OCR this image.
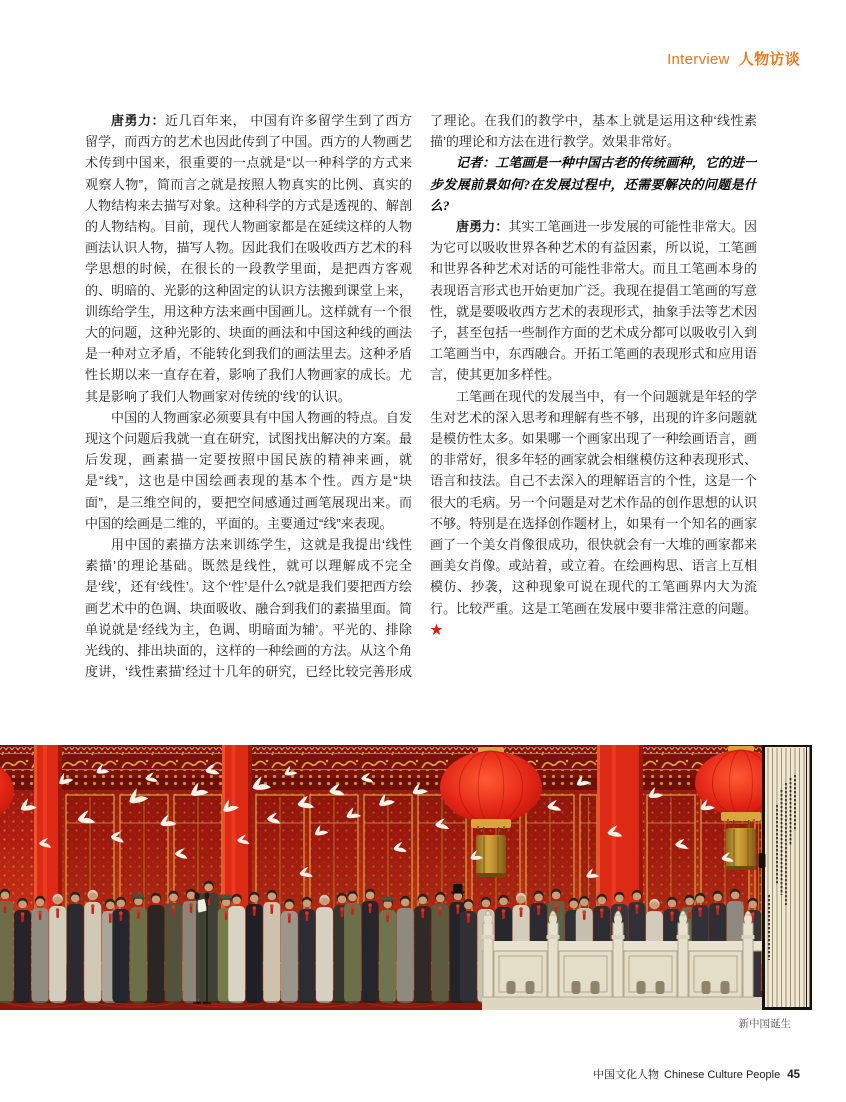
Interview 人物访谈

唐勇力：近几百年来， 中国有许多留学生到了西方留学，而西方的艺术也因此传到了中国。西方的人物画艺术传到中国来，很重要的一点就是“以一种科学的方式来观察人物”，简而言之就是按照人物真实的比例、真实的人物结构来去描写对象。这种科学的方式是透视的、解剖的人物结构。目前，现代人物画家都是在延续这样的人物画法认识人物，描写人物。因此我们在吸收西方艺术的科学思想的时候，在很长的一段教学里面，是把西方客观的、明暗的、光影的这种固定的认识方法搬到课堂上来，训练给学生，用这种方法来画中国画儿。这样就有一个很大的问题，这种光影的、块面的画法和中国这种线的画法是一种对立矛盾，不能转化到我们的画法里去。这种矛盾性长期以来一直存在着，影响了我们人物画家的成长。尤其是影响了我们人物画家对传统的‘线’的认识。

中国的人物画家必须要具有中国人物画的特点。自发现这个问题后我就一直在研究，试图找出解决的方案。最后发现，画素描一定要按照中国民族的精神来画，就是“线”，这也是中国绘画表现的基本个性。西方是“块面”，是三维空间的，要把空间感通过画笔展现出来。而中国的绘画是二维的，平面的。主要通过“线”来表现。

用中国的素描方法来训练学生，这就是我提出‘线性素描’的理论基础。既然是线性，就可以理解成不完全是‘线’，还有‘线性’。这个‘性’是什么?就是我们要把西方绘画艺术中的色调、块面吸收、融合到我们的素描里面。简单说就是‘经线为主，色调、明暗面为辅’。平光的、排除光线的、排出块面的，这样的一种绘画的方法。从这个角度讲，‘线性素描’经过十几年的研究，已经比较完善形成了理论。在我们的教学中，基本上就是运用这种‘线性素描’的理论和方法在进行教学。效果非常好。

记者：工笔画是一种中国古老的传统画种，它的进一步发展前景如何?在发展过程中，还需要解决的问题是什么?

唐勇力：其实工笔画进一步发展的可能性非常大。因为它可以吸收世界各种艺术的有益因素，所以说，工笔画和世界各种艺术对话的可能性非常大。而且工笔画本身的表现语言形式也开始更加广泛。我现在提倡工笔画的写意性，就是要吸收西方艺术的表现形式，抽象手法等艺术因子，甚至包括一些制作方面的艺术成分都可以吸收引入到工笔画当中，东西融合。开拓工笔画的表现形式和应用语言，使其更加多样性。

工笔画在现代的发展当中，有一个问题就是年轻的学生对艺术的深入思考和理解有些不够，出现的许多问题就是模仿性太多。如果哪一个画家出现了一种绘画语言，画的非常好，很多年轻的画家就会相继模仿这种表现形式、语言和技法。自己不去深入的理解语言的个性，这是一个很大的毛病。另一个问题是对艺术作品的创作思想的认识不够。特别是在选择创作题材上，如果有一个知名的画家画了一个美女肖像很成功，很快就会有一大堆的画家都来画美女肖像。或站着，或立着。在绘画构思、语言上互相模仿、抄袭，这种现象可说在现代的工笔画界内大为流行。比较严重。这是工笔画在发展中要非常注意的问题。 ★

新中国诞生
中国文化人物 Chinese Culture People 45
